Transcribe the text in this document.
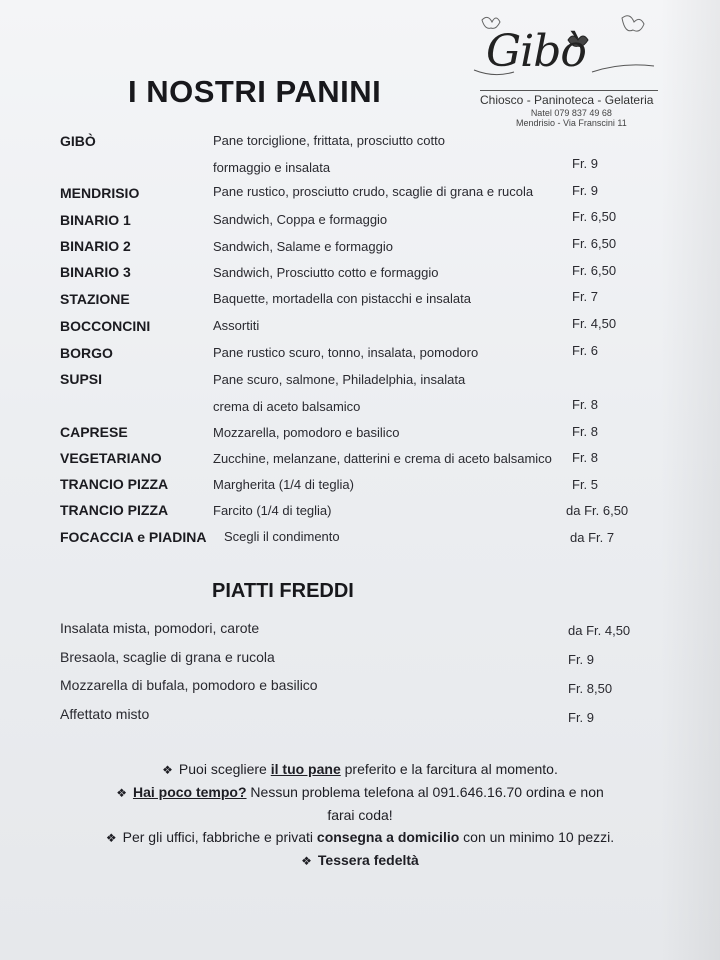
Gibò
Chiosco - Paninoteca - Gelateria
Natel 079 837 49 68
Mendrisio - Via Franscini 11
I NOSTRI PANINI
GIBÒ	Pane torciglione, frittata, prosciutto cotto
formaggio e insalata	Fr. 9
MENDRISIO	Pane rustico, prosciutto crudo, scaglie di grana e rucola	Fr. 9
BINARIO 1	Sandwich, Coppa e formaggio	Fr. 6,50
BINARIO 2	Sandwich, Salame e formaggio	Fr. 6,50
BINARIO 3	Sandwich, Prosciutto cotto e formaggio	Fr. 6,50
STAZIONE	Baquette, mortadella con pistacchi e insalata	Fr. 7
BOCCONCINI	Assortiti	Fr. 4,50
BORGO	Pane rustico scuro, tonno, insalata, pomodoro	Fr. 6
SUPSI	Pane scuro, salmone, Philadelphia, insalata
crema di aceto balsamico	Fr. 8
CAPRESE	Mozzarella, pomodoro e basilico	Fr. 8
VEGETARIANO	Zucchine, melanzane, datterini e crema di aceto balsamico Fr. 8
TRANCIO PIZZA	Margherita (1/4 di teglia)	Fr. 5
TRANCIO PIZZA	Farcito (1/4 di teglia)	da Fr. 6,50
FOCACCIA e PIADINA Scegli il condimento	da Fr. 7
PIATTI FREDDI
Insalata mista, pomodori, carote	da Fr. 4,50
Bresaola, scaglie di grana e rucola	Fr. 9
Mozzarella di bufala, pomodoro e basilico	Fr. 8,50
Affettato misto	Fr. 9
❖ Puoi scegliere il tuo pane preferito e la farcitura al momento.
❖ Hai poco tempo? Nessun problema telefona al 091.646.16.70 ordina e non
farai coda!
❖ Per gli uffici, fabbriche e privati consegna a domicilio con un minimo 10 pezzi.
❖ Tessera fedeltà
